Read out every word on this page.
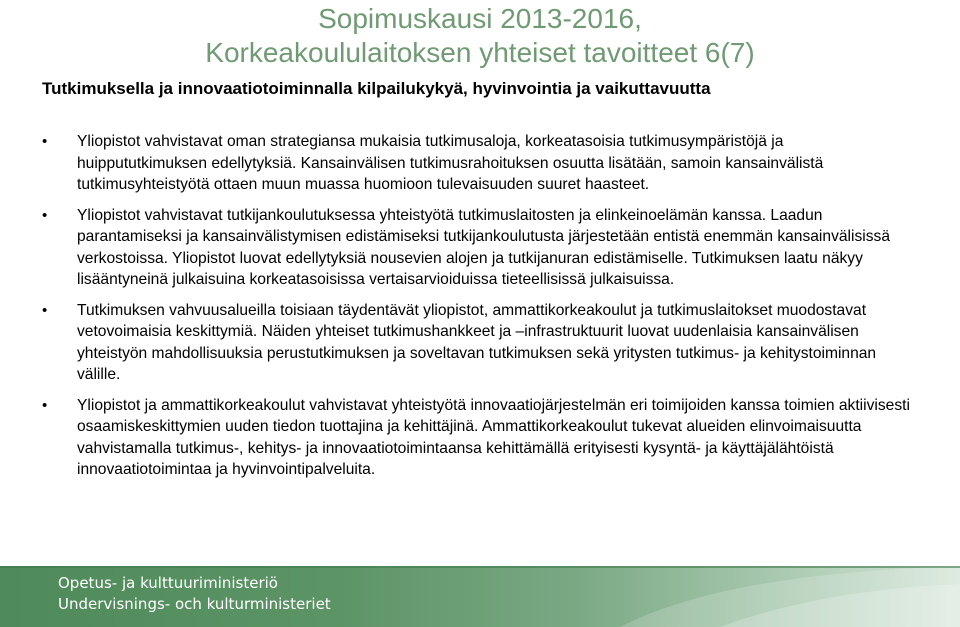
Sopimuskausi 2013-2016,
Korkeakoululaitoksen yhteiset tavoitteet 6(7)
Tutkimuksella ja innovaatiotoiminnalla kilpailukykyä, hyvinvointia ja vaikuttavuutta
•	Yliopistot vahvistavat oman strategiansa mukaisia tutkimusaloja, korkeatasoisia tutkimusympäristöjä ja huippututkimuksen edellytyksiä. Kansainvälisen tutkimusrahoituksen osuutta lisätään, samoin kansainvälistä tutkimusyhteistyötä ottaen muun muassa huomioon tulevaisuuden suuret haasteet.
•	Yliopistot vahvistavat tutkijankoulutuksessa yhteistyötä tutkimuslaitosten ja elinkeinoelämän kanssa. Laadun parantamiseksi ja kansainvälistymisen edistämiseksi tutkijankoulutusta järjestetään entistä enemmän kansainvälisissä verkostoissa. Yliopistot luovat edellytyksiä nousevien alojen ja tutkijanuran edistämiselle. Tutkimuksen laatu näkyy lisääntyneinä julkaisuina korkeatasoisissa vertaisarvioiduissa tieteellisissä julkaisuissa.
•	Tutkimuksen vahvuusalueilla toisiaan täydentävät yliopistot, ammattikorkeakoulut ja tutkimuslaitokset muodostavat vetovoimaisia keskittymiä. Näiden yhteiset tutkimushankkeet ja –infrastruktuurit luovat uudenlaisia kansainvälisen yhteistyön mahdollisuuksia perustutkimuksen ja soveltavan tutkimuksen sekä yritysten tutkimus- ja kehitystoiminnan välille.
•	Yliopistot ja ammattikorkeakoulut vahvistavat yhteistyötä innovaatiojärjestelmän eri toimijoiden kanssa toimien aktiivisesti osaamiskeskittymien uuden tiedon tuottajina ja kehittäjinä. Ammattikorkeakoulut tukevat alueiden elinvoimaisuutta vahvistamalla tutkimus-, kehitys- ja innovaatiotoimintaansa kehittämällä erityisesti kysyntä- ja käyttäjälähtöistä innovaatiotoimintaa ja hyvinvointipalveluita.
Opetus- ja kulttuuriministeriö
Undervisnings- och kulturministeriet
